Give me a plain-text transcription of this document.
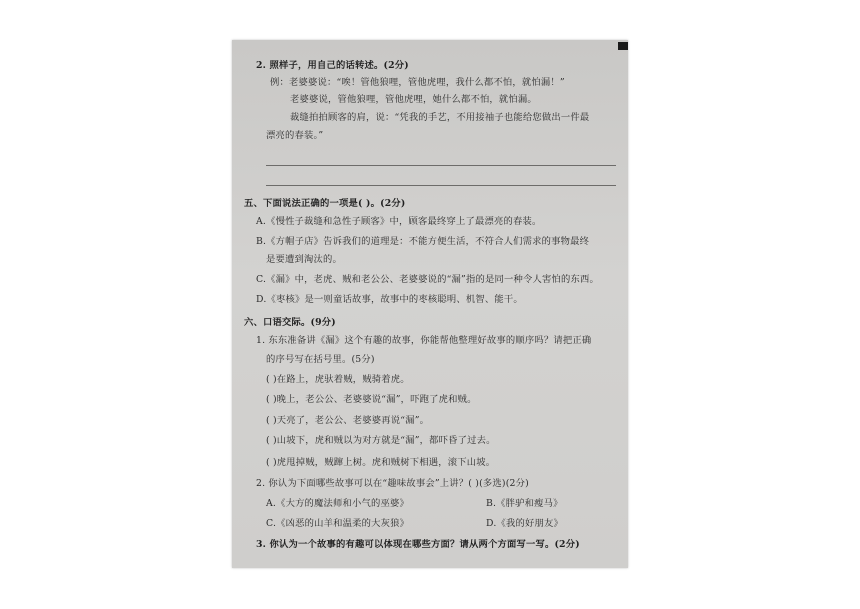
2. 照样子，用自己的话转述。(2分)
例：老婆婆说：“唉！管他狼哩，管他虎哩，我什么都不怕，就怕漏！”
老婆婆说，管他狼哩，管他虎哩，她什么都不怕，就怕漏。
裁缝拍拍顾客的肩，说：“凭我的手艺，不用接袖子也能给您做出一件最
漂亮的春装。”
五、下面说法正确的一项是( )。(2分)
A.《慢性子裁缝和急性子顾客》中，顾客最终穿上了最漂亮的春装。
B.《方帽子店》告诉我们的道理是：不能方便生活，不符合人们需求的事物最终
是要遭到淘汰的。
C.《漏》中，老虎、贼和老公公、老婆婆说的“漏”指的是同一种令人害怕的东西。
D.《枣核》是一则童话故事，故事中的枣核聪明、机智、能干。
六、口语交际。(9分)
1. 东东准备讲《漏》这个有趣的故事，你能帮他整理好故事的顺序吗？请把正确
的序号写在括号里。(5分)
( )在路上，虎驮着贼，贼骑着虎。
( )晚上，老公公、老婆婆说“漏”，吓跑了虎和贼。
( )天亮了，老公公、老婆婆再说“漏”。
( )山坡下，虎和贼以为对方就是“漏”，都吓昏了过去。
( )虎甩掉贼，贼蹿上树。虎和贼树下相遇，滚下山坡。
2. 你认为下面哪些故事可以在“趣味故事会”上讲？( )(多选)(2分)
A.《大方的魔法师和小气的巫婆》	B.《胖驴和瘦马》
C.《凶恶的山羊和温柔的大灰狼》	D.《我的好朋友》
3. 你认为一个故事的有趣可以体现在哪些方面？请从两个方面写一写。(2分)
